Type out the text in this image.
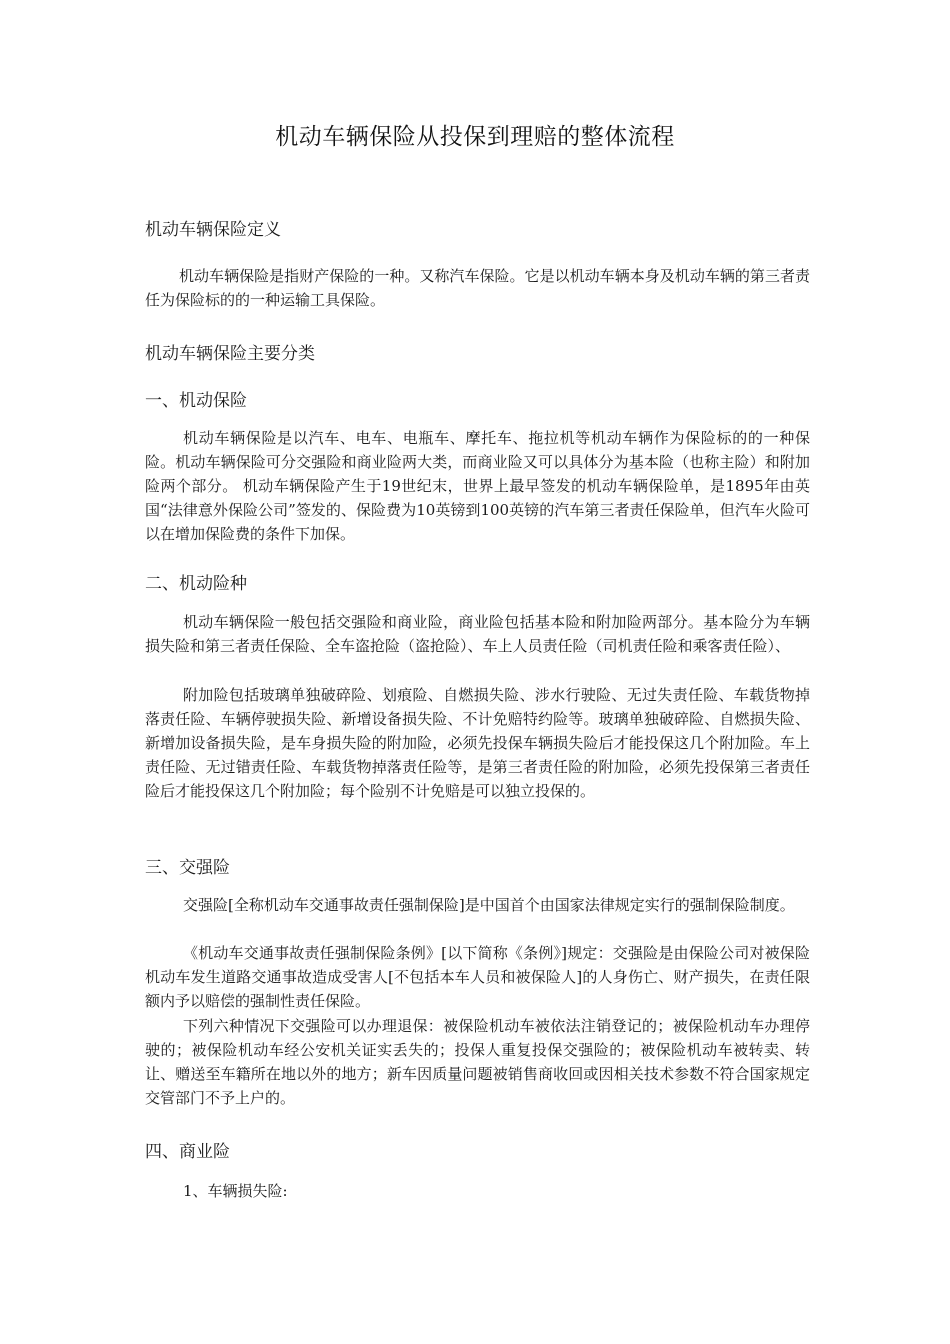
机动车辆保险从投保到理赔的整体流程
机动车辆保险定义
机动车辆保险是指财产保险的一种。又称汽车保险。它是以机动车辆本身及机动车辆的第三者责任为保险标的的一种运输工具保险。
机动车辆保险主要分类
一、机动保险
机动车辆保险是以汽车、电车、电瓶车、摩托车、拖拉机等机动车辆作为保险标的的一种保险。机动车辆保险可分交强险和商业险两大类，而商业险又可以具体分为基本险（也称主险）和附加险两个部分。 机动车辆保险产生于19世纪末，世界上最早签发的机动车辆保险单，是1895年由英国“法律意外保险公司”签发的、保险费为10英镑到100英镑的汽车第三者责任保险单，但汽车火险可以在增加保险费的条件下加保。
二、机动险种
机动车辆保险一般包括交强险和商业险，商业险包括基本险和附加险两部分。基本险分为车辆损失险和第三者责任保险、全车盗抢险（盗抢险）、车上人员责任险（司机责任险和乘客责任险）、
附加险包括玻璃单独破碎险、划痕险、自燃损失险、涉水行驶险、无过失责任险、车载货物掉落责任险、车辆停驶损失险、新增设备损失险、不计免赔特约险等。玻璃单独破碎险、自燃损失险、新增加设备损失险，是车身损失险的附加险，必须先投保车辆损失险后才能投保这几个附加险。车上责任险、无过错责任险、车载货物掉落责任险等，是第三者责任险的附加险，必须先投保第三者责任险后才能投保这几个附加险；每个险别不计免赔是可以独立投保的。
三、交强险
交强险[全称机动车交通事故责任强制保险]是中国首个由国家法律规定实行的强制保险制度。
《机动车交通事故责任强制保险条例》[以下简称《条例》]规定：交强险是由保险公司对被保险机动车发生道路交通事故造成受害人[不包括本车人员和被保险人]的人身伤亡、财产损失，在责任限额内予以赔偿的强制性责任保险。
下列六种情况下交强险可以办理退保：被保险机动车被依法注销登记的；被保险机动车办理停驶的；被保险机动车经公安机关证实丢失的；投保人重复投保交强险的；被保险机动车被转卖、转让、赠送至车籍所在地以外的地方；新车因质量问题被销售商收回或因相关技术参数不符合国家规定交管部门不予上户的。
四、商业险
1、车辆损失险:
